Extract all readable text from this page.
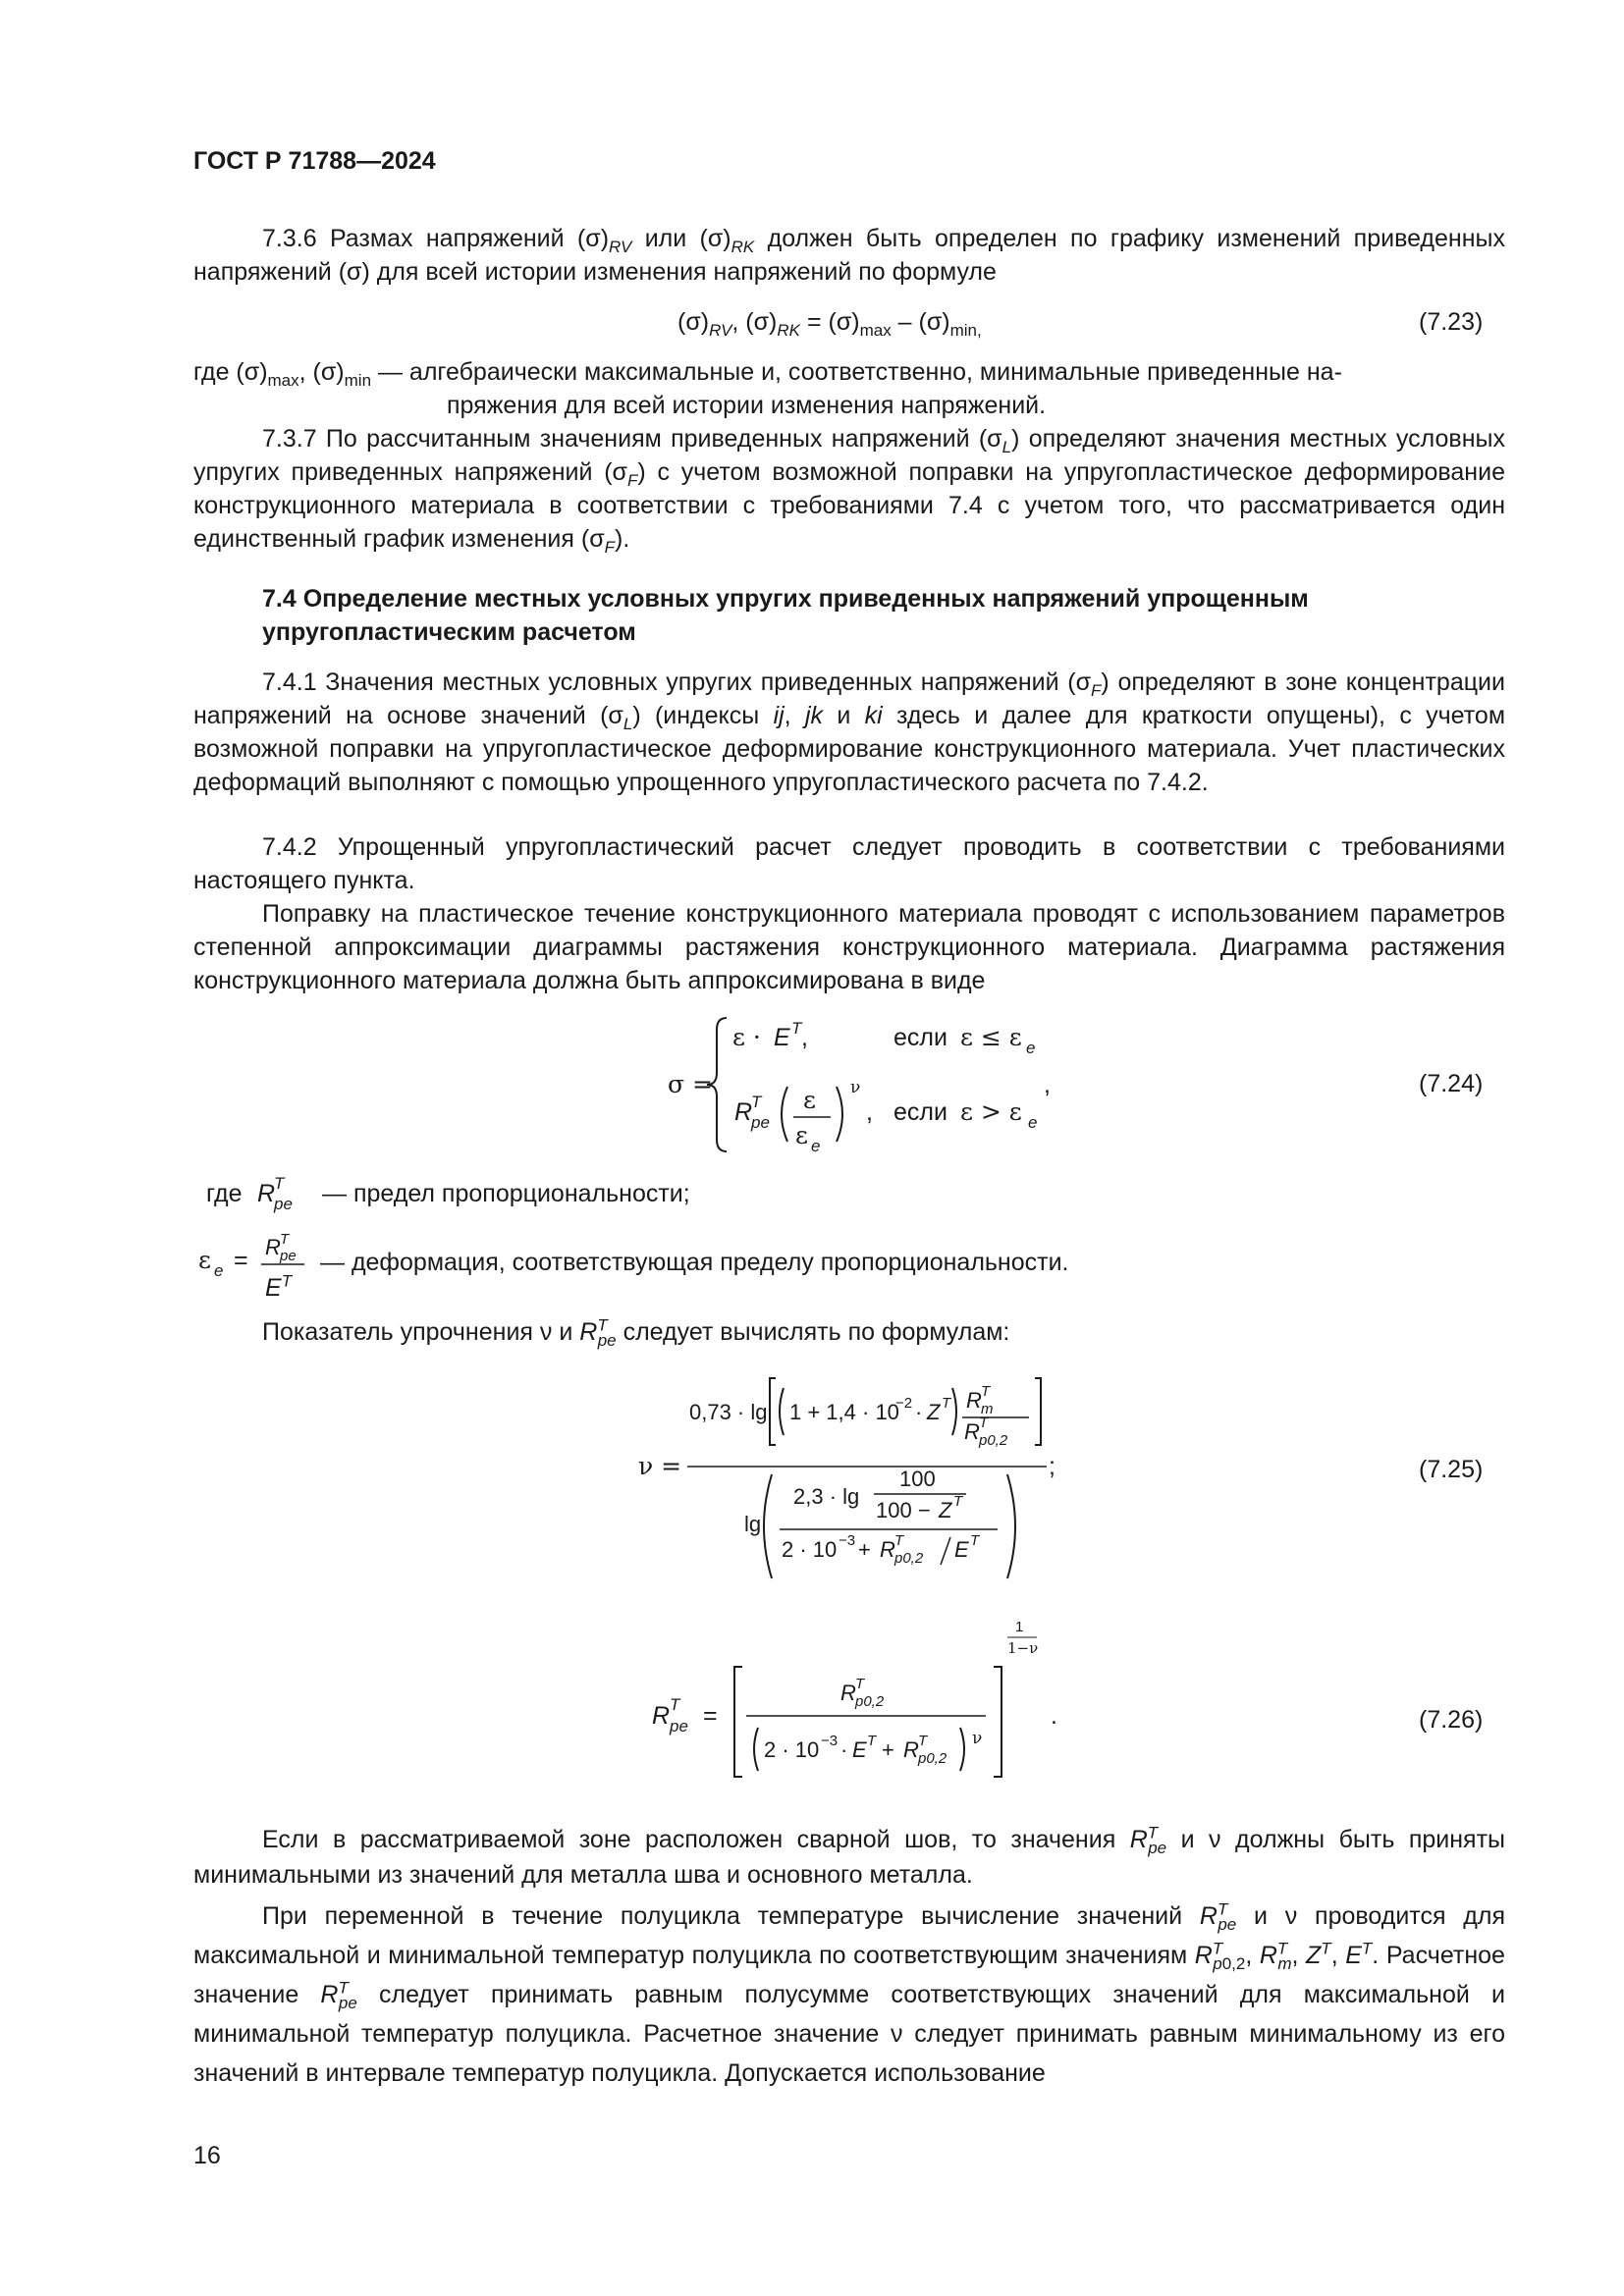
ГОСТ Р 71788—2024
7.3.6 Размах напряжений $(\sigma)_{RV}$ или $(\sigma)_{RK}$ должен быть определен по графику изменений приведенных напряжений (σ) для всей истории изменения напряжений по формуле
$(\sigma)_{RV}$, $(\sigma)_{RK} = (\sigma)_{max} - (\sigma)_{min,}$	(7.23)
где $(\sigma)_{max}$, $(\sigma)_{min}$ — алгебраически максимальные и, соответственно, минимальные приведенные на-
пряжения для всей истории изменения напряжений.
7.3.7 По рассчитанным значениям приведенных напряжений $(\sigma_L)$ определяют значения местных условных упругих приведенных напряжений $(\sigma_F)$ с учетом возможной поправки на упругопластическое деформирование конструкционного материала в соответствии с требованиями 7.4 с учетом того, что рассматривается один единственный график изменения $(\sigma_F)$.
7.4 Определение местных условных упругих приведенных напряжений упрощенным упругопластическим расчетом
7.4.1 Значения местных условных упругих приведенных напряжений $(\sigma_F)$ определяют в зоне концентрации напряжений на основе значений $(\sigma_L)$ (индексы ij, jk и ki здесь и далее для краткости опущены), с учетом возможной поправки на упругопластическое деформирование конструкционного материала. Учет пластических деформаций выполняют с помощью упрощенного упругопластического расчета по 7.4.2.
7.4.2 Упрощенный упругопластический расчет следует проводить в соответствии с требованиями настоящего пункта.
Поправку на пластическое течение конструкционного материала проводят с использованием параметров степенной аппроксимации диаграммы растяжения конструкционного материала. Диаграмма растяжения конструкционного материала должна быть аппроксимирована в виде
σ =
ε · E T ,	если ε ≤ ε e
R
T
pe
ε
ε e
ν
, если ε > ε e
,	(7.24)
где R
T
pe — предел пропорциональности;
ε e = R T
pe
$E^T$
— деформация, соответствующая пределу пропорциональности.
Показатель упрочнения ν и $R^T_{pe}$ следует вычислять по формулам:
ν =
0,73 · lg 1 + 1,4 · 10
−2 · Z T R T
m
R T
p0,2
;
lg
2,3 · lg
100
100 − Z T
2 · 10 −3 + R T
p0,2 E T
(7.25)
R T
pe =
R T
p0,2
2 · 10 −3 · E T + R T
p0,2
ν
1
1−ν
.	(7.26)
Если в рассматриваемой зоне расположен сварной шов, то значения $R^T_{pe}$ и ν должны быть приняты минимальными из значений для металла шва и основного металла.
При переменной в течение полуцикла температуре вычисление значений $R^T_{pe}$ и ν проводится для максимальной и минимальной температур полуцикла по соответствующим значениям $R^T_{p0,2}$, $R^T_m$, $Z^T$, $E^T$. Расчетное значение $R^T_{pe}$ следует принимать равным полусумме соответствующих значений для максимальной и минимальной температур полуцикла. Расчетное значение ν следует принимать равным минимальному из его значений в интервале температур полуцикла. Допускается использование
16
